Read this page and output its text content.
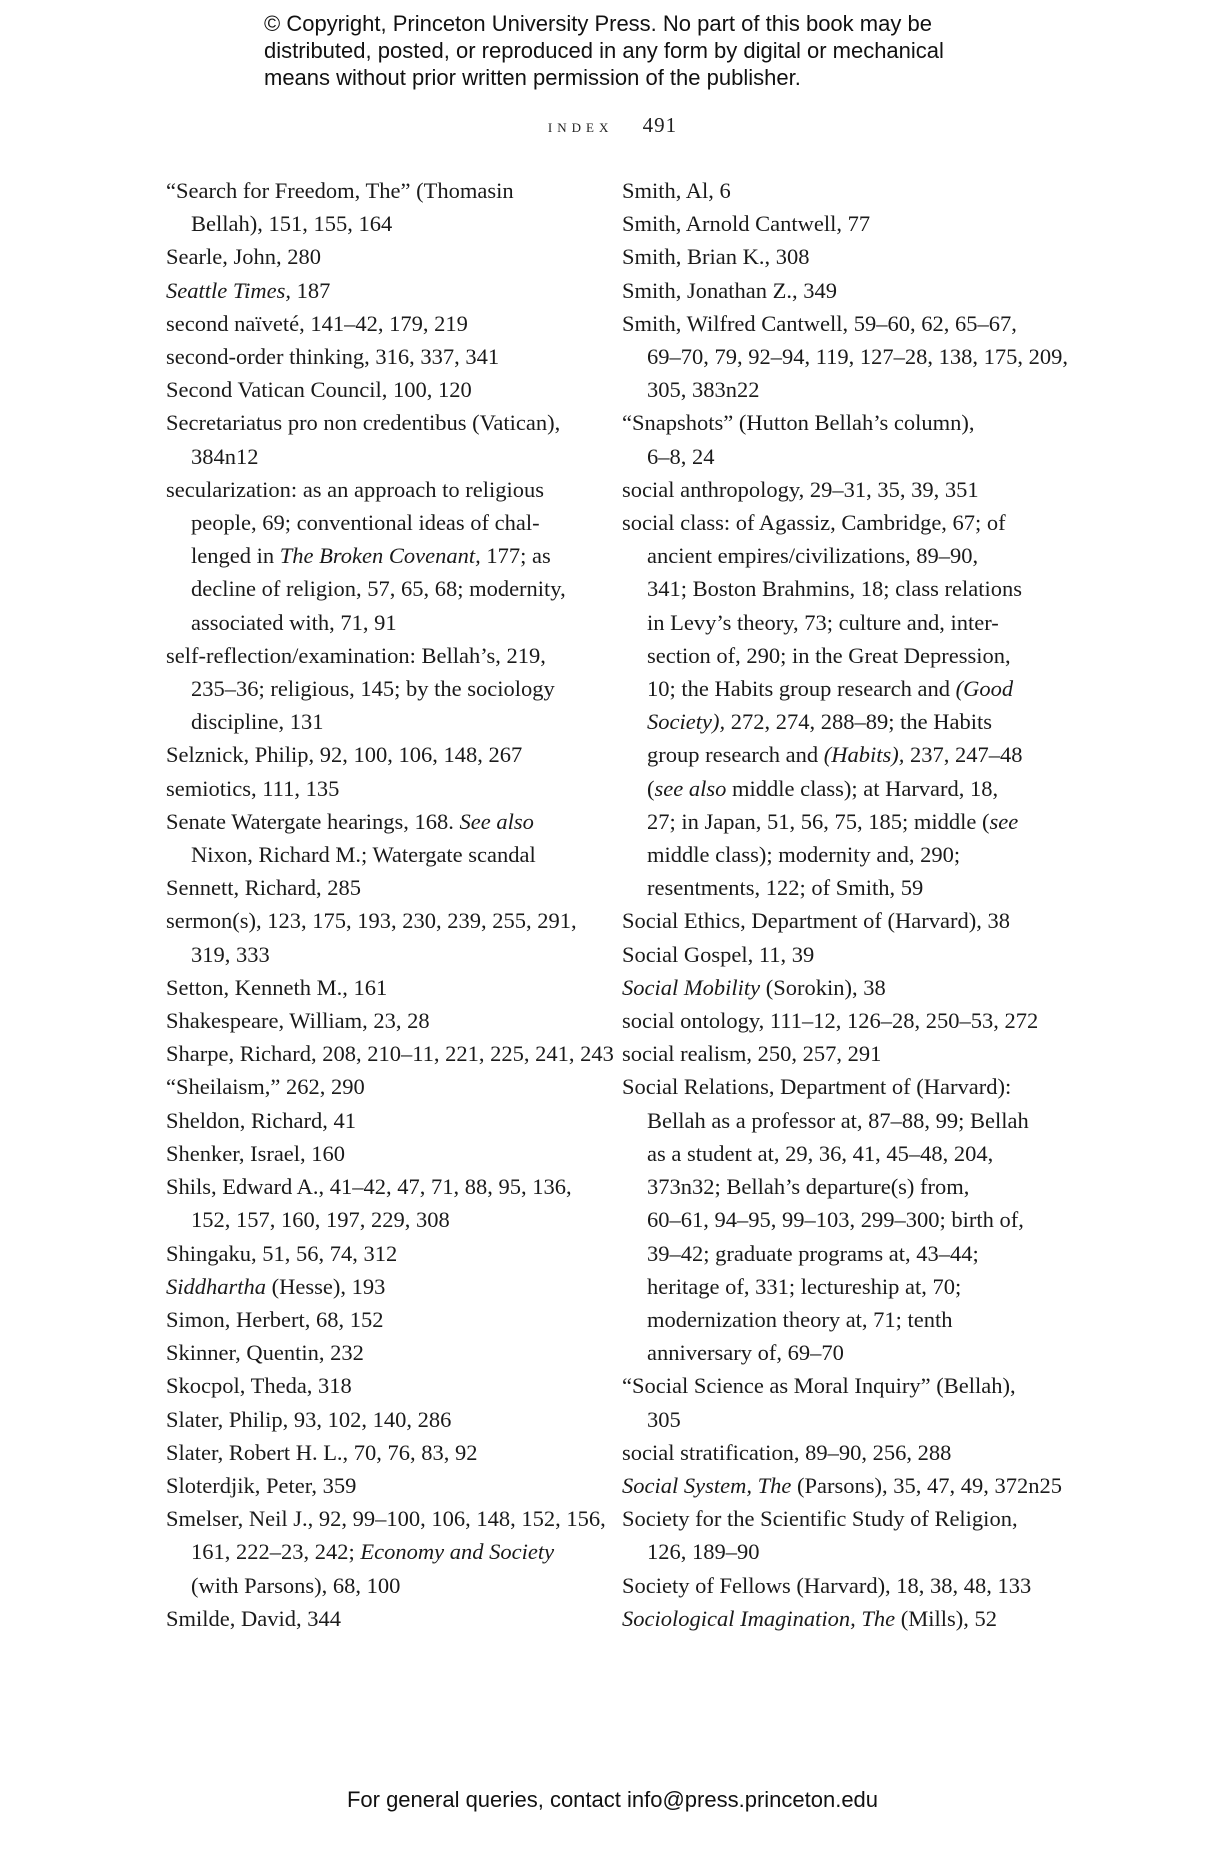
© Copyright, Princeton University Press. No part of this book may be
distributed, posted, or reproduced in any form by digital or mechanical
means without prior written permission of the publisher.
index 491

“Search for Freedom, The” (Thomasin
Bellah), 151, 155, 164

Searle, John, 280

Seattle Times, 187

second naïveté, 141–42, 179, 219

second-order thinking, 316, 337, 341

Second Vatican Council, 100, 120

Secretariatus pro non credentibus (Vatican),
384n12

secularization: as an approach to religious
people, 69; conventional ideas of chal-
lenged in The Broken Covenant, 177; as
decline of religion, 57, 65, 68; modernity,
associated with, 71, 91

self-reflection/examination: Bellah’s, 219,
235–36; religious, 145; by the sociology
discipline, 131

Selznick, Philip, 92, 100, 106, 148, 267

semiotics, 111, 135

Senate Watergate hearings, 168. See also
Nixon, Richard M.; Watergate scandal

Sennett, Richard, 285

sermon(s), 123, 175, 193, 230, 239, 255, 291,
319, 333

Setton, Kenneth M., 161

Shakespeare, William, 23, 28

Sharpe, Richard, 208, 210–11, 221, 225, 241, 243

“Sheilaism,” 262, 290

Sheldon, Richard, 41

Shenker, Israel, 160

Shils, Edward A., 41–42, 47, 71, 88, 95, 136,
152, 157, 160, 197, 229, 308

Shingaku, 51, 56, 74, 312

Siddhartha (Hesse), 193

Simon, Herbert, 68, 152

Skinner, Quentin, 232

Skocpol, Theda, 318

Slater, Philip, 93, 102, 140, 286

Slater, Robert H. L., 70, 76, 83, 92

Sloterdjik, Peter, 359

Smelser, Neil J., 92, 99–100, 106, 148, 152, 156,
161, 222–23, 242; Economy and Society
(with Parsons), 68, 100

Smilde, David, 344

Smith, Al, 6

Smith, Arnold Cantwell, 77

Smith, Brian K., 308

Smith, Jonathan Z., 349

Smith, Wilfred Cantwell, 59–60, 62, 65–67,
69–70, 79, 92–94, 119, 127–28, 138, 175, 209,
305, 383n22

“Snapshots” (Hutton Bellah’s column),
6–8, 24

social anthropology, 29–31, 35, 39, 351

social class: of Agassiz, Cambridge, 67; of
ancient empires/civilizations, 89–90,
341; Boston Brahmins, 18; class relations
in Levy’s theory, 73; culture and, inter-
section of, 290; in the Great Depression,
10; the Habits group research and (Good
Society), 272, 274, 288–89; the Habits
group research and (Habits), 237, 247–48
(see also middle class); at Harvard, 18,
27; in Japan, 51, 56, 75, 185; middle (see
middle class); modernity and, 290;
resentments, 122; of Smith, 59

Social Ethics, Department of (Harvard), 38

Social Gospel, 11, 39

Social Mobility (Sorokin), 38

social ontology, 111–12, 126–28, 250–53, 272

social realism, 250, 257, 291

Social Relations, Department of (Harvard):
Bellah as a professor at, 87–88, 99; Bellah
as a student at, 29, 36, 41, 45–48, 204,
373n32; Bellah’s departure(s) from,
60–61, 94–95, 99–103, 299–300; birth of,
39–42; graduate programs at, 43–44;
heritage of, 331; lectureship at, 70;
modernization theory at, 71; tenth
anniversary of, 69–70

“Social Science as Moral Inquiry” (Bellah),
305

social stratification, 89–90, 256, 288

Social System, The (Parsons), 35, 47, 49, 372n25

Society for the Scientific Study of Religion,
126, 189–90

Society of Fellows (Harvard), 18, 38, 48, 133

Sociological Imagination, The (Mills), 52

For general queries, contact info@press.princeton.edu
